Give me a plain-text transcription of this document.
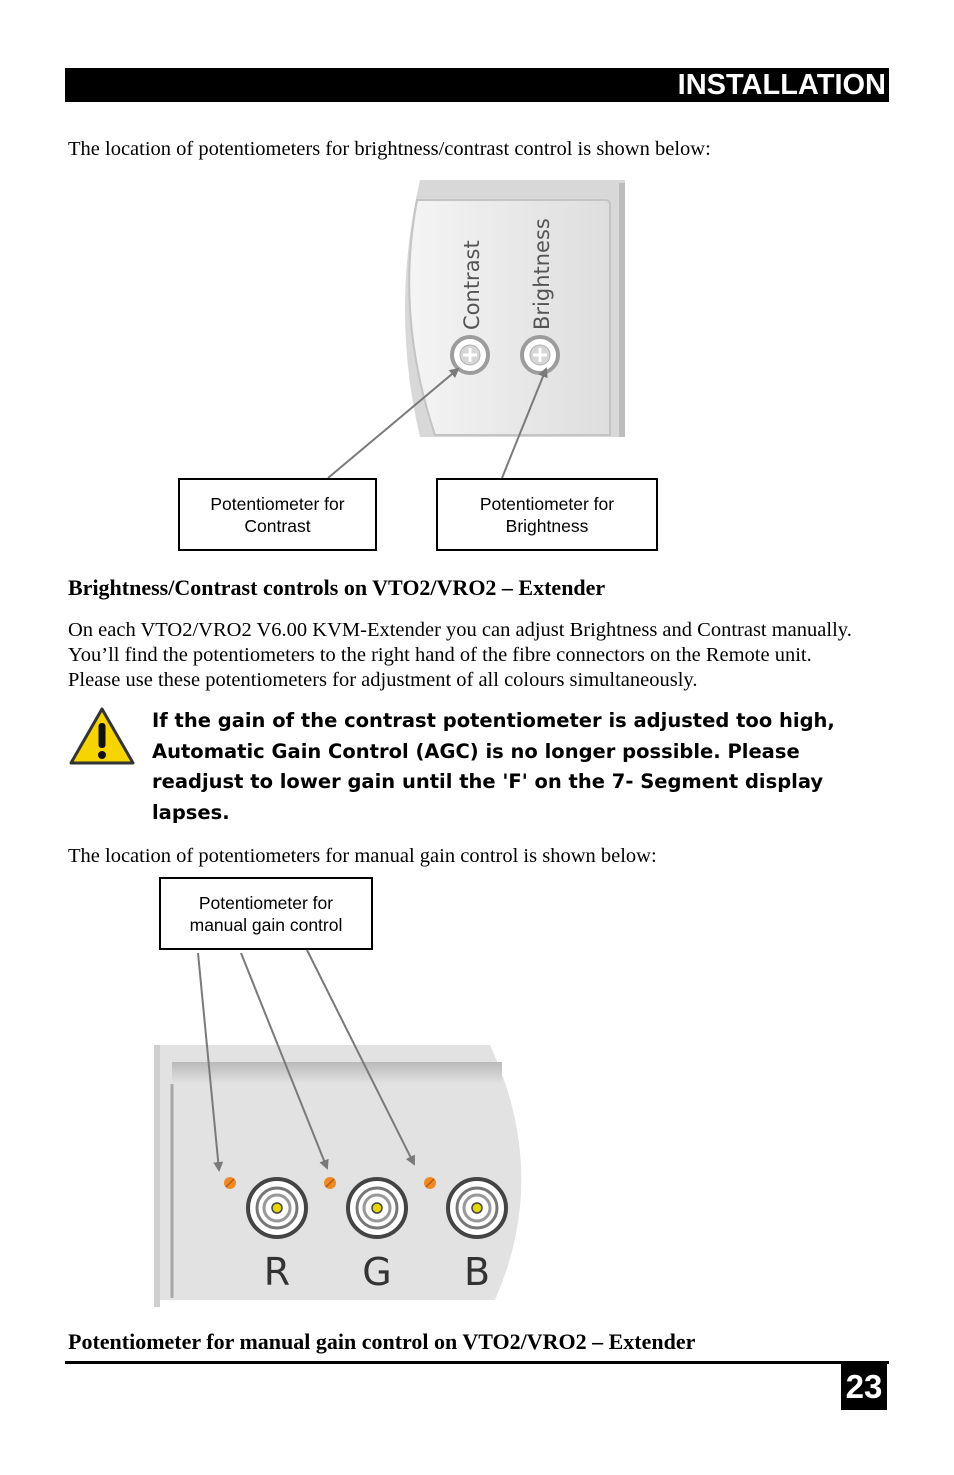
INSTALLATION

The location of potentiometers for brightness/contrast control is shown below:

Contrast Brightness
Potentiometer for
Contrast
Potentiometer for
Brightness
Brightness/Contrast controls on VTO2/VRO2 – Extender

On each VTO2/VRO2 V6.00 KVM-Extender you can adjust Brightness and Contrast manually. You’ll find the potentiometers to the right hand of the fibre connectors on the Remote unit. Please use these potentiometers for adjustment of all colours simultaneously.

If the gain of the contrast potentiometer is adjusted too high, Automatic Gain Control (AGC) is no longer possible. Please readjust to lower gain until the 'F' on the 7- Segment display lapses.

The location of potentiometers for manual gain control is shown below:

Potentiometer for
manual gain control
R G B
Potentiometer for manual gain control on VTO2/VRO2 – Extender
23
